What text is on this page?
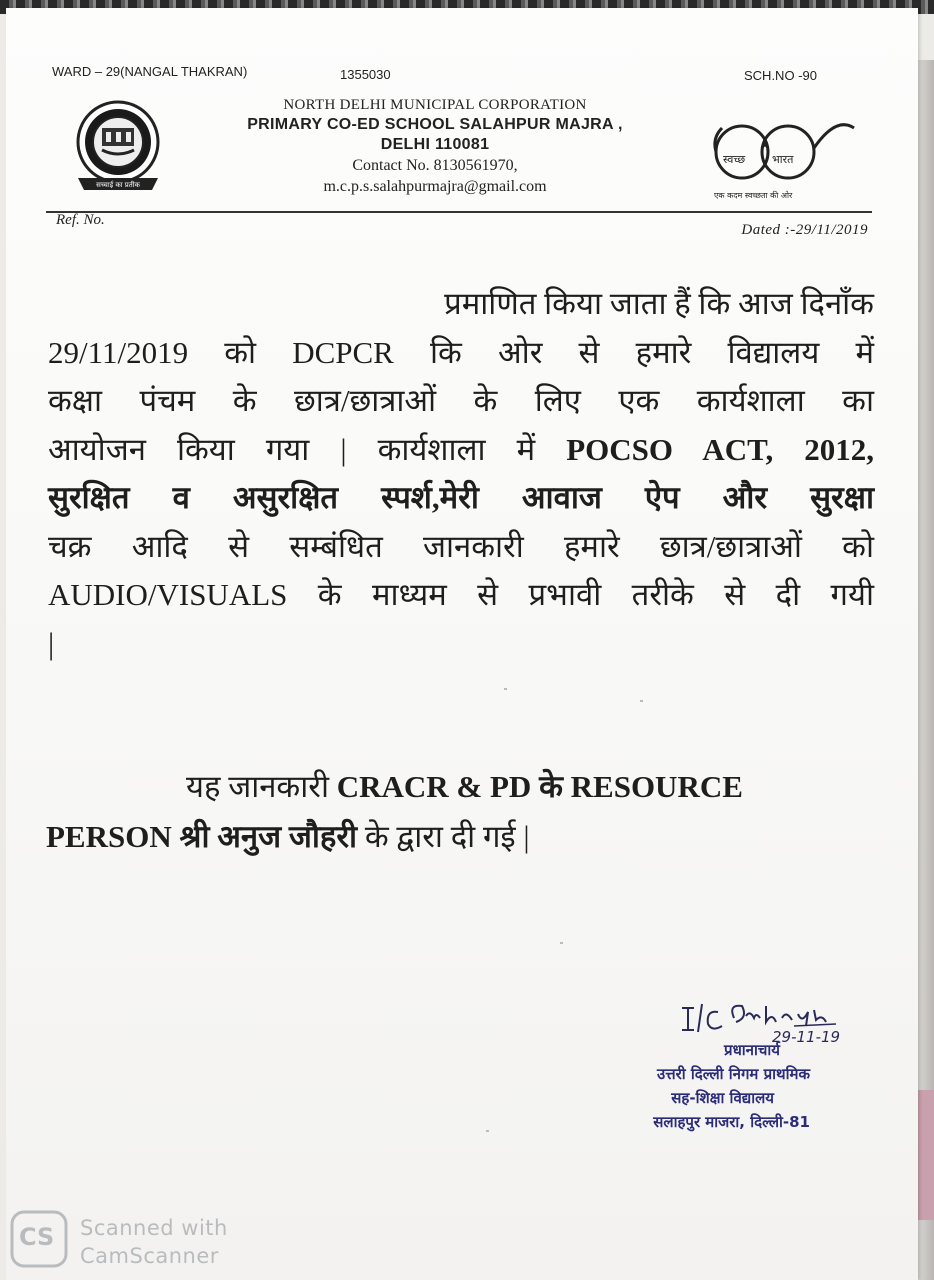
WARD – 29(NANGAL THAKRAN)	1355030	SCH.NO -90
सच्चाई का प्रतीक
NORTH DELHI MUNICIPAL CORPORATION
PRIMARY CO-ED SCHOOL SALAHPUR MAJRA ,
DELHI 110081
Contact No. 8130561970,
m.c.p.s.salahpurmajra@gmail.com
स्वच्छ भारत
एक कदम स्वच्छता की ओर
Ref. No.
Dated :-29/11/2019
प्रमाणित किया जाता हैं कि आज दिनाँक
29/11/2019 को DCPCR कि ओर से हमारे विद्यालय में
कक्षा पंचम के छात्र/छात्राओं के लिए एक कार्यशाला का
आयोजन किया गया | कार्यशाला में POCSO ACT, 2012,
सुरक्षित व असुरक्षित स्पर्श,मेरी आवाज ऐप और सुरक्षा
चक्र आदि से सम्बंधित जानकारी हमारे छात्र/छात्राओं को
AUDIO/VISUALS के माध्यम से प्रभावी तरीके से दी गयी
|
यह जानकारी CRACR & PD के RESOURCE
PERSON श्री अनुज जौहरी के द्वारा दी गई |
29-11-19
प्रधानाचार्य
उत्तरी दिल्ली निगम प्राथमिक
सह-शिक्षा विद्यालय
सलाहपुर माजरा, दिल्ली-81
CS Scanned with
CamScanner
